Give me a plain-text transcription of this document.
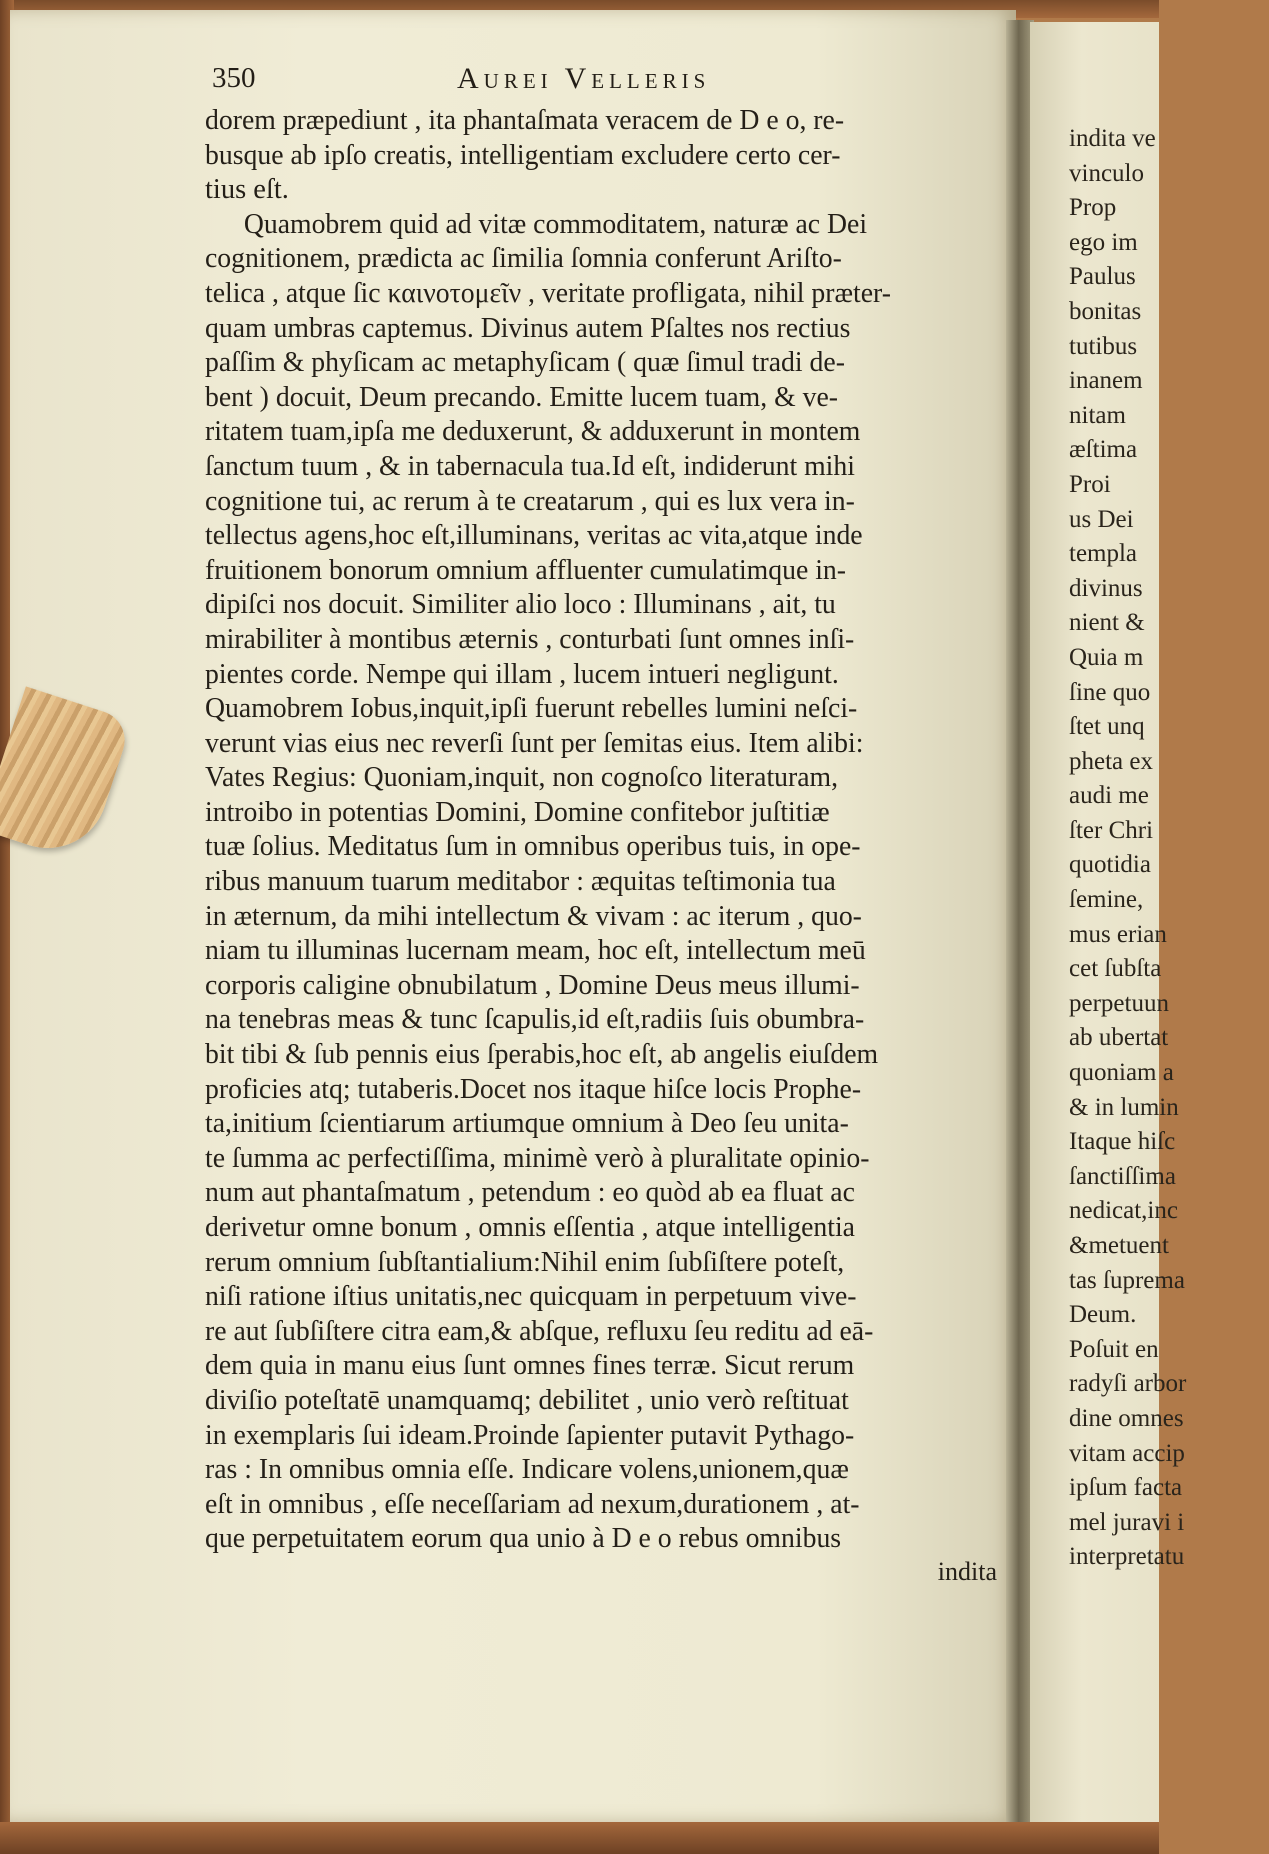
indita ve
vinculo
Prop
ego im
Paulus
bonitas
tutibus
inanem
nitam
æſtima
Proi
us Dei
templa
divinus
nient &
Quia m
ſine quo
ſtet unq
pheta ex
audi me
ſter Chri
quotidia
ſemine,
mus erian
cet ſubſta
perpetuun
ab ubertat
quoniam a
& in lumin
Itaque hiſc
ſanctiſſima
nedicat,inc
&metuent
tas ſuprema
Deum.
Poſuit en
radyſi arbor
dine omnes
vitam accip
ipſum facta
mel juravi i
interpretatu
350	Aurei Velleris
dorem præpediunt , ita phantaſmata veracem de D e o, re-
busque ab ipſo creatis, intelligentiam excludere certo cer-
tius eſt.
Quamobrem quid ad vitæ commoditatem, naturæ ac Dei
cognitionem, prædicta ac ſimilia ſomnia conferunt Ariſto-
telica , atque ſic καινοτομεῖν , veritate profligata, nihil præter-
quam umbras captemus. Divinus autem Pſaltes nos rectius
paſſim & phyſicam ac metaphyſicam ( quæ ſimul tradi de-
bent ) docuit, Deum precando. Emitte lucem tuam, & ve-
ritatem tuam,ipſa me deduxerunt, & adduxerunt in montem
ſanctum tuum , & in tabernacula tua.Id eſt, indiderunt mihi
cognitione tui, ac rerum à te creatarum , qui es lux vera in-
tellectus agens,hoc eſt,illuminans, veritas ac vita,atque inde
fruitionem bonorum omnium affluenter cumulatimque in-
dipiſci nos docuit. Similiter alio loco : Illuminans , ait, tu
mirabiliter à montibus æternis , conturbati ſunt omnes inſi-
pientes corde. Nempe qui illam , lucem intueri negligunt.
Quamobrem Iobus,inquit,ipſi fuerunt rebelles lumini neſci-
verunt vias eius nec reverſi ſunt per ſemitas eius. Item alibi:
Vates Regius: Quoniam,inquit, non cognoſco literaturam,
introibo in potentias Domini, Domine confitebor juſtitiæ
tuæ ſolius. Meditatus ſum in omnibus operibus tuis, in ope-
ribus manuum tuarum meditabor : æquitas teſtimonia tua
in æternum, da mihi intellectum & vivam : ac iterum , quo-
niam tu illuminas lucernam meam, hoc eſt, intellectum meū
corporis caligine obnubilatum , Domine Deus meus illumi-
na tenebras meas & tunc ſcapulis,id eſt,radiis ſuis obumbra-
bit tibi & ſub pennis eius ſperabis,hoc eſt, ab angelis eiuſdem
proficies atq; tutaberis.Docet nos itaque hiſce locis Prophe-
ta,initium ſcientiarum artiumque omnium à Deo ſeu unita-
te ſumma ac perfectiſſima, minimè verò à pluralitate opinio-
num aut phantaſmatum , petendum : eo quòd ab ea fluat ac
derivetur omne bonum , omnis eſſentia , atque intelligentia
rerum omnium ſubſtantialium:Nihil enim ſubſiſtere poteſt,
niſi ratione iſtius unitatis,nec quicquam in perpetuum vive-
re aut ſubſiſtere citra eam,& abſque, refluxu ſeu reditu ad eā-
dem quia in manu eius ſunt omnes fines terræ. Sicut rerum
diviſio poteſtatē unamquamq; debilitet , unio verò reſtituat
in exemplaris ſui ideam.Proinde ſapienter putavit Pythago-
ras : In omnibus omnia eſſe. Indicare volens,unionem,quæ
eſt in omnibus , eſſe neceſſariam ad nexum,durationem , at-
que perpetuitatem eorum qua unio à D e o rebus omnibus
indita
